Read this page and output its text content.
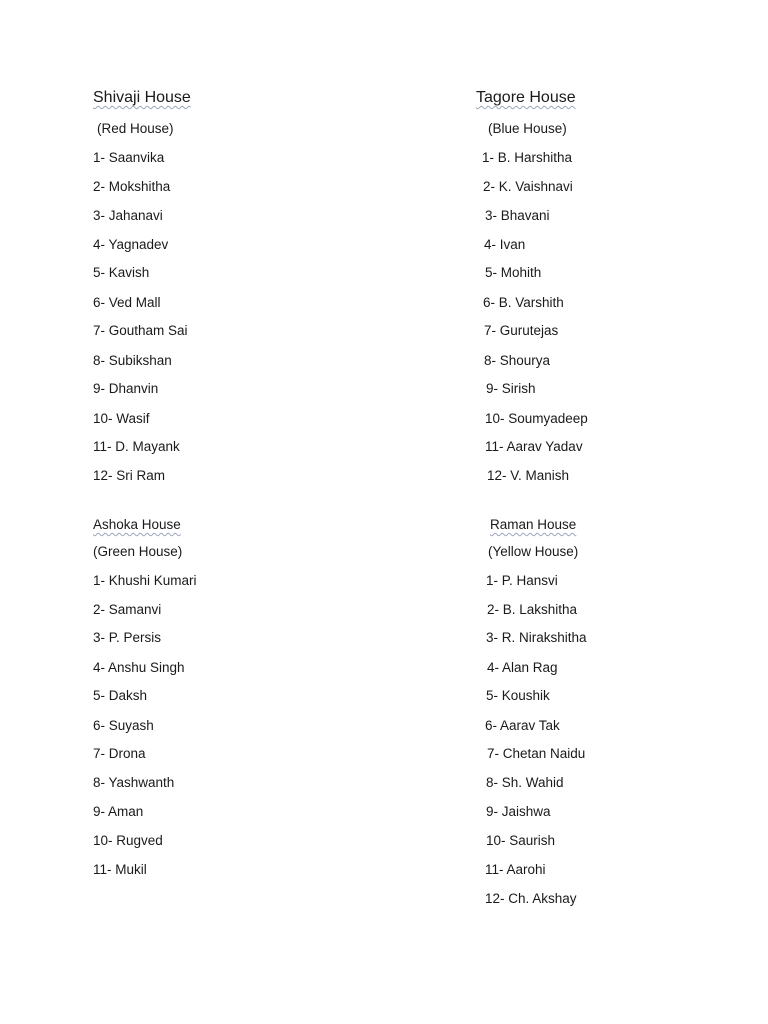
Shivaji House
(Red House)
1- Saanvika
2- Mokshitha
3- Jahanavi
4- Yagnadev
5- Kavish
6- Ved Mall
7- Goutham Sai
8- Subikshan
9- Dhanvin
10- Wasif
11- D. Mayank
12- Sri Ram
Tagore House
(Blue House)
1- B. Harshitha
2- K. Vaishnavi
3- Bhavani
4- Ivan
5- Mohith
6- B. Varshith
7- Gurutejas
8- Shourya
9- Sirish
10- Soumyadeep
11- Aarav Yadav
12- V. Manish
Ashoka House
(Green House)
1- Khushi Kumari
2- Samanvi
3- P. Persis
4- Anshu Singh
5- Daksh
6- Suyash
7- Drona
8- Yashwanth
9- Aman
10- Rugved
11- Mukil
Raman House
(Yellow House)
1- P. Hansvi
2- B. Lakshitha
3- R. Nirakshitha
4- Alan Rag
5- Koushik
6- Aarav Tak
7- Chetan Naidu
8- Sh. Wahid
9- Jaishwa
10- Saurish
11- Aarohi
12- Ch. Akshay
